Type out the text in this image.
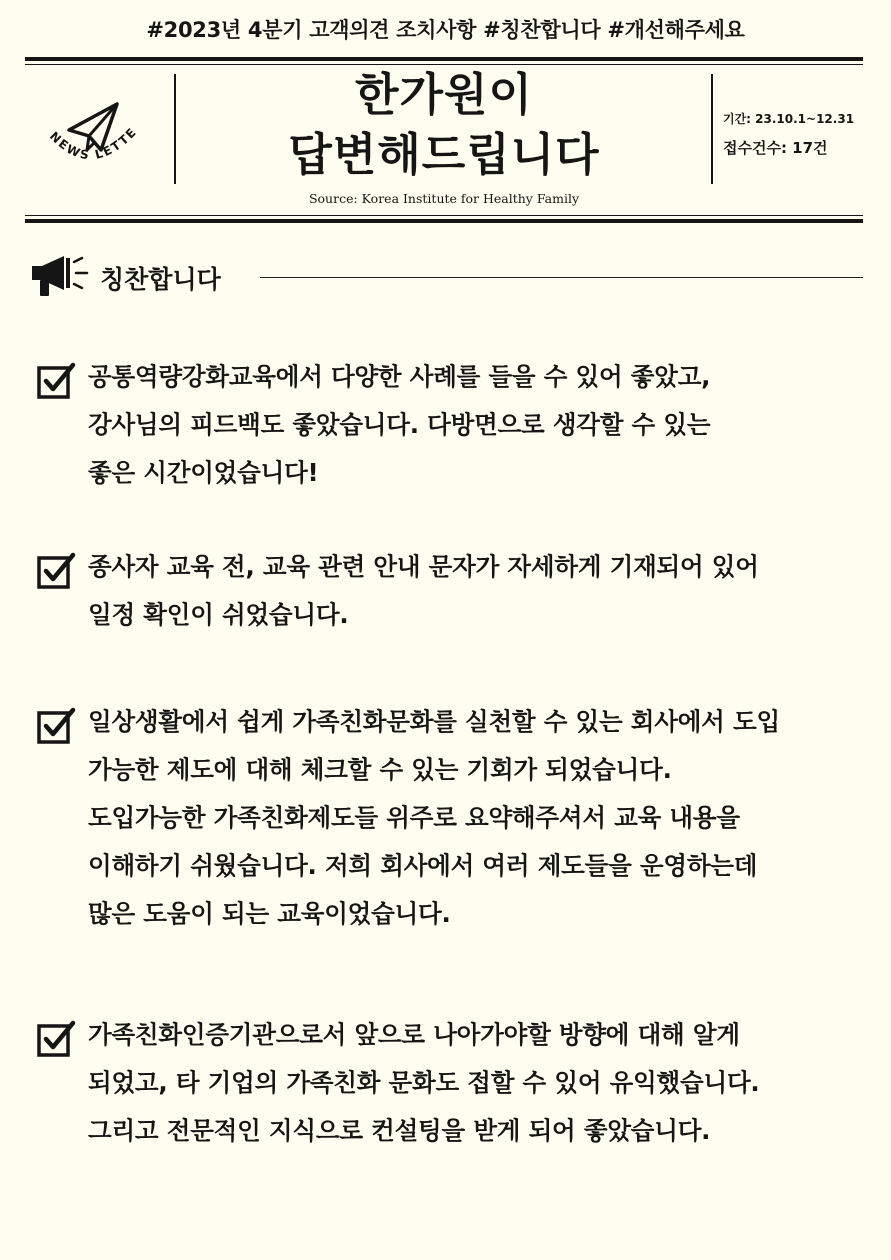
#2023년 4분기 고객의견 조치사항 #칭찬합니다 #개선해주세요
NEWS LETTE
한가원이
답변해드립니다
Source: Korea Institute for Healthy Family
기간: 23.10.1~12.31
접수건수: 17건
칭찬합니다
공통역량강화교육에서 다양한 사례를 들을 수 있어 좋았고,
강사님의 피드백도 좋았습니다. 다방면으로 생각할 수 있는
좋은 시간이었습니다!
종사자 교육 전, 교육 관련 안내 문자가 자세하게 기재되어 있어
일정 확인이 쉬었습니다.
일상생활에서 쉽게 가족친화문화를 실천할 수 있는 회사에서 도입
가능한 제도에 대해 체크할 수 있는 기회가 되었습니다.
도입가능한 가족친화제도들 위주로 요약해주셔서 교육 내용을
이해하기 쉬웠습니다. 저희 회사에서 여러 제도들을 운영하는데
많은 도움이 되는 교육이었습니다.
가족친화인증기관으로서 앞으로 나아가야할 방향에 대해 알게
되었고, 타 기업의 가족친화 문화도 접할 수 있어 유익했습니다.
그리고 전문적인 지식으로 컨설팅을 받게 되어 좋았습니다.
